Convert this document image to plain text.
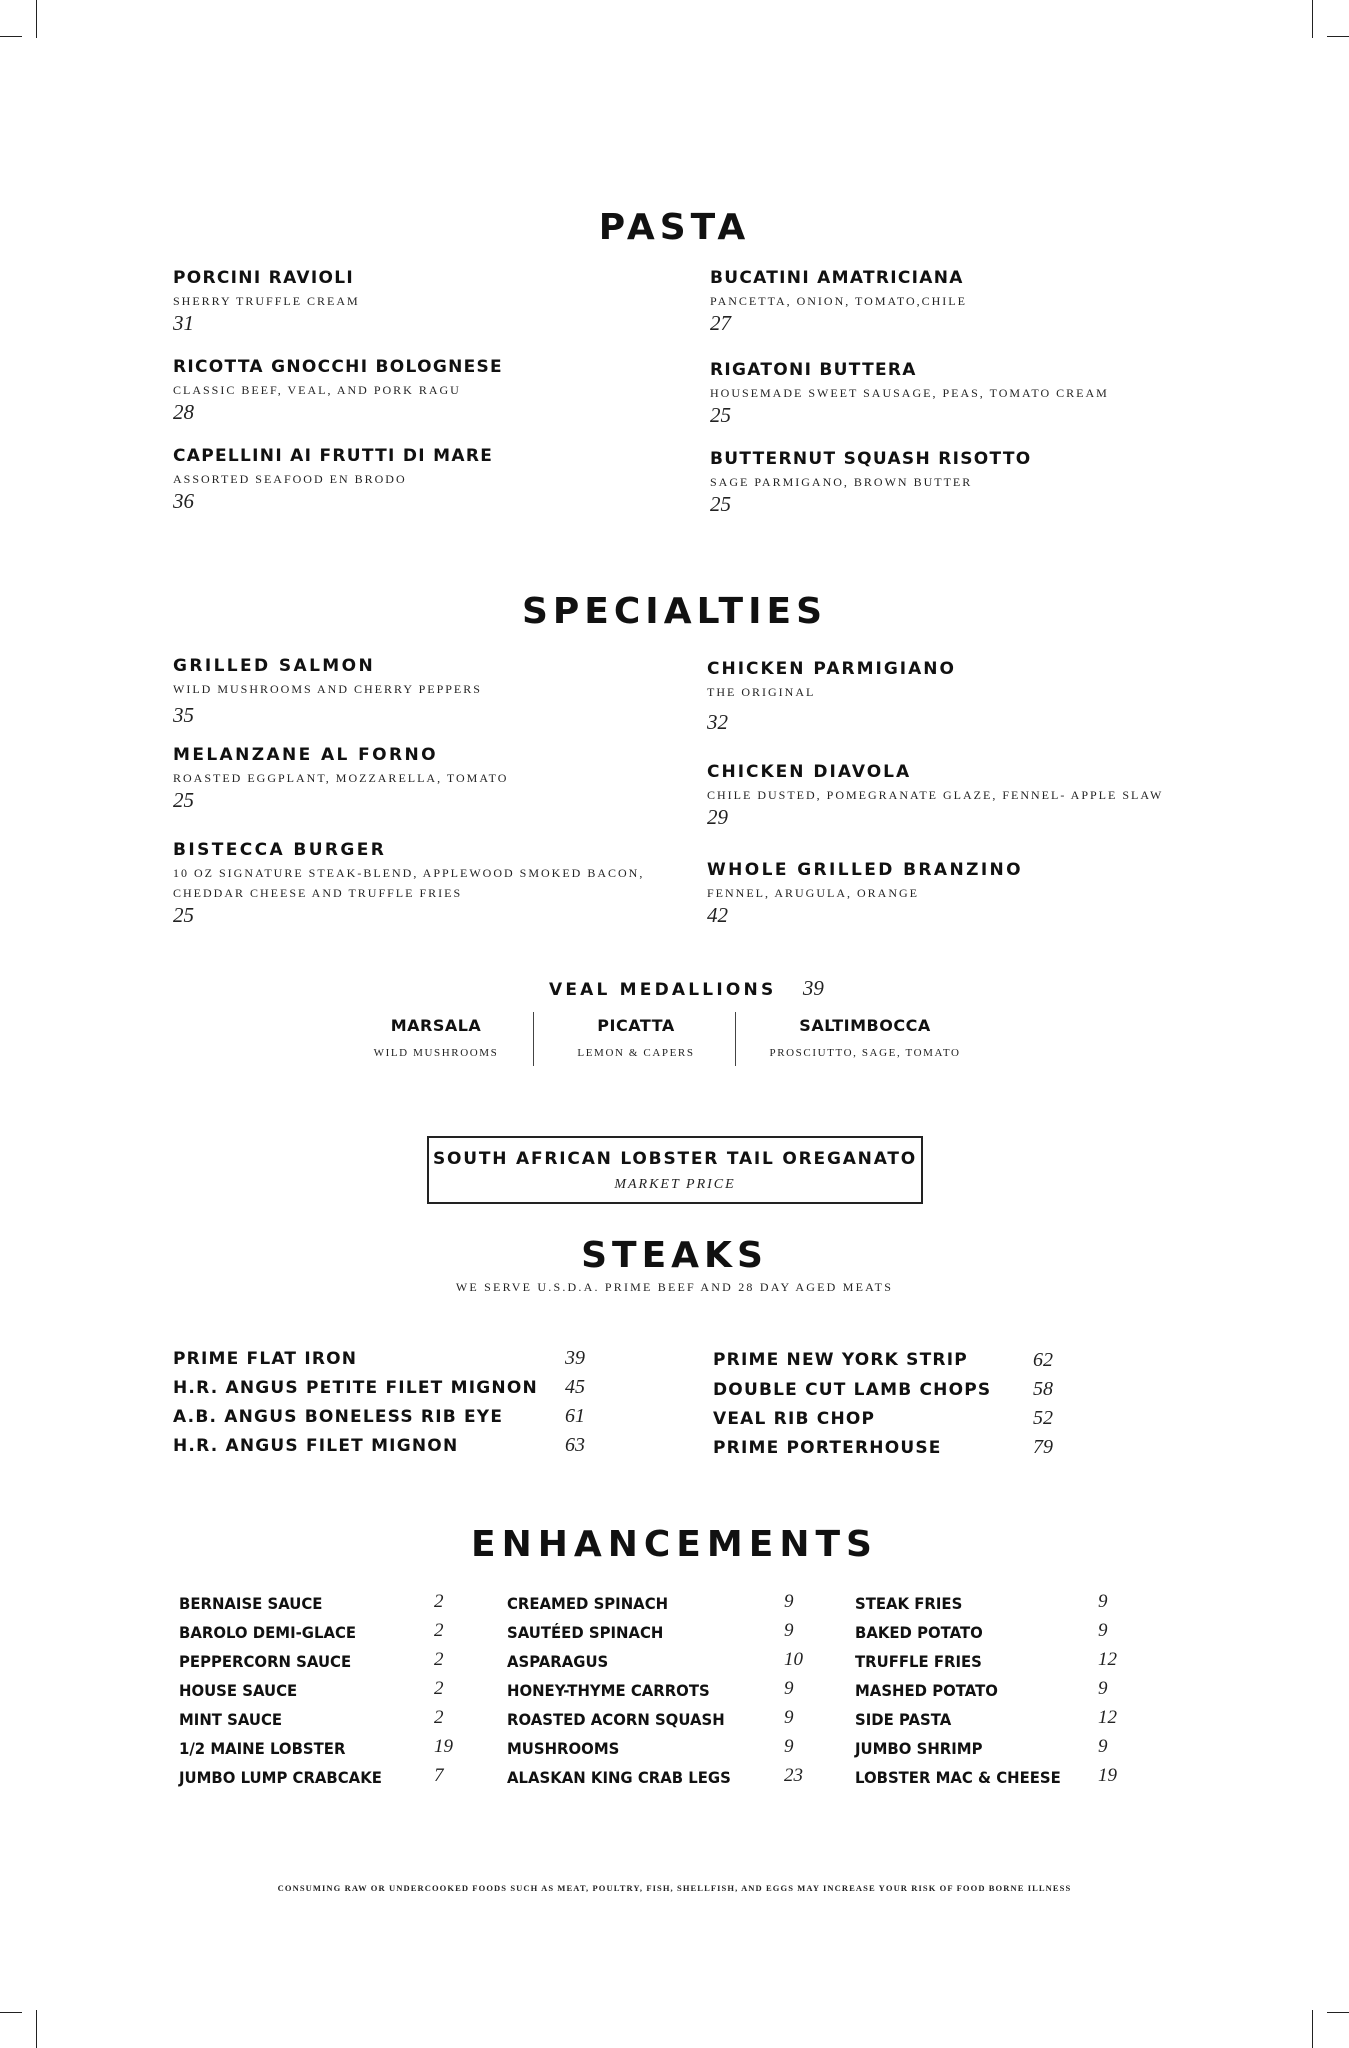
PASTA
PORCINI RAVIOLI
SHERRY TRUFFLE CREAM
31
RICOTTA GNOCCHI BOLOGNESE
CLASSIC BEEF, VEAL, AND PORK RAGU
28
CAPELLINI AI FRUTTI DI MARE
ASSORTED SEAFOOD EN BRODO
36
BUCATINI AMATRICIANA
PANCETTA, ONION, TOMATO,CHILE
27
RIGATONI BUTTERA
HOUSEMADE SWEET SAUSAGE, PEAS, TOMATO CREAM
25
BUTTERNUT SQUASH RISOTTO
SAGE PARMIGANO, BROWN BUTTER
25
SPECIALTIES
GRILLED SALMON
WILD MUSHROOMS AND CHERRY PEPPERS
35
MELANZANE AL FORNO
ROASTED EGGPLANT, MOZZARELLA, TOMATO
25
BISTECCA BURGER
10 OZ SIGNATURE STEAK-BLEND, APPLEWOOD SMOKED BACON, CHEDDAR CHEESE AND TRUFFLE FRIES
25
CHICKEN PARMIGIANO
THE ORIGINAL
32
CHICKEN DIAVOLA
CHILE DUSTED, POMEGRANATE GLAZE, FENNEL- APPLE SLAW
29
WHOLE GRILLED BRANZINO
FENNEL, ARUGULA, ORANGE
42
VEAL MEDALLIONS 39
MARSALA
WILD MUSHROOMS
PICATTA
LEMON & CAPERS
SALTIMBOCCA
PROSCIUTTO, SAGE, TOMATO
SOUTH AFRICAN LOBSTER TAIL OREGANATO
MARKET PRICE
STEAKS
WE SERVE U.S.D.A. PRIME BEEF AND 28 DAY AGED MEATS
PRIME FLAT IRON	39
H.R. ANGUS PETITE FILET MIGNON 45
A.B. ANGUS BONELESS RIB EYE	61
H.R. ANGUS FILET MIGNON	63
PRIME NEW YORK STRIP	62
DOUBLE CUT LAMB CHOPS 58
VEAL RIB CHOP	52
PRIME PORTERHOUSE	79
ENHANCEMENTS
BERNAISE SAUCE	2
BAROLO DEMI-GLACE	2
PEPPERCORN SAUCE	2
HOUSE SAUCE	2
MINT SAUCE	2
1/2 MAINE LOBSTER	19
JUMBO LUMP CRABCAKE	7
CREAMED SPINACH	9
SAUTÉED SPINACH	9
ASPARAGUS	10
HONEY-THYME CARROTS	9
ROASTED ACORN SQUASH	9
MUSHROOMS	9
ALASKAN KING CRAB LEGS	23
STEAK FRIES	9
BAKED POTATO	9
TRUFFLE FRIES	12
MASHED POTATO	9
SIDE PASTA	12
JUMBO SHRIMP	9
LOBSTER MAC & CHEESE 19
CONSUMING RAW OR UNDERCOOKED FOODS SUCH AS MEAT, POULTRY, FISH, SHELLFISH, AND EGGS MAY INCREASE YOUR RISK OF FOOD BORNE ILLNESS
